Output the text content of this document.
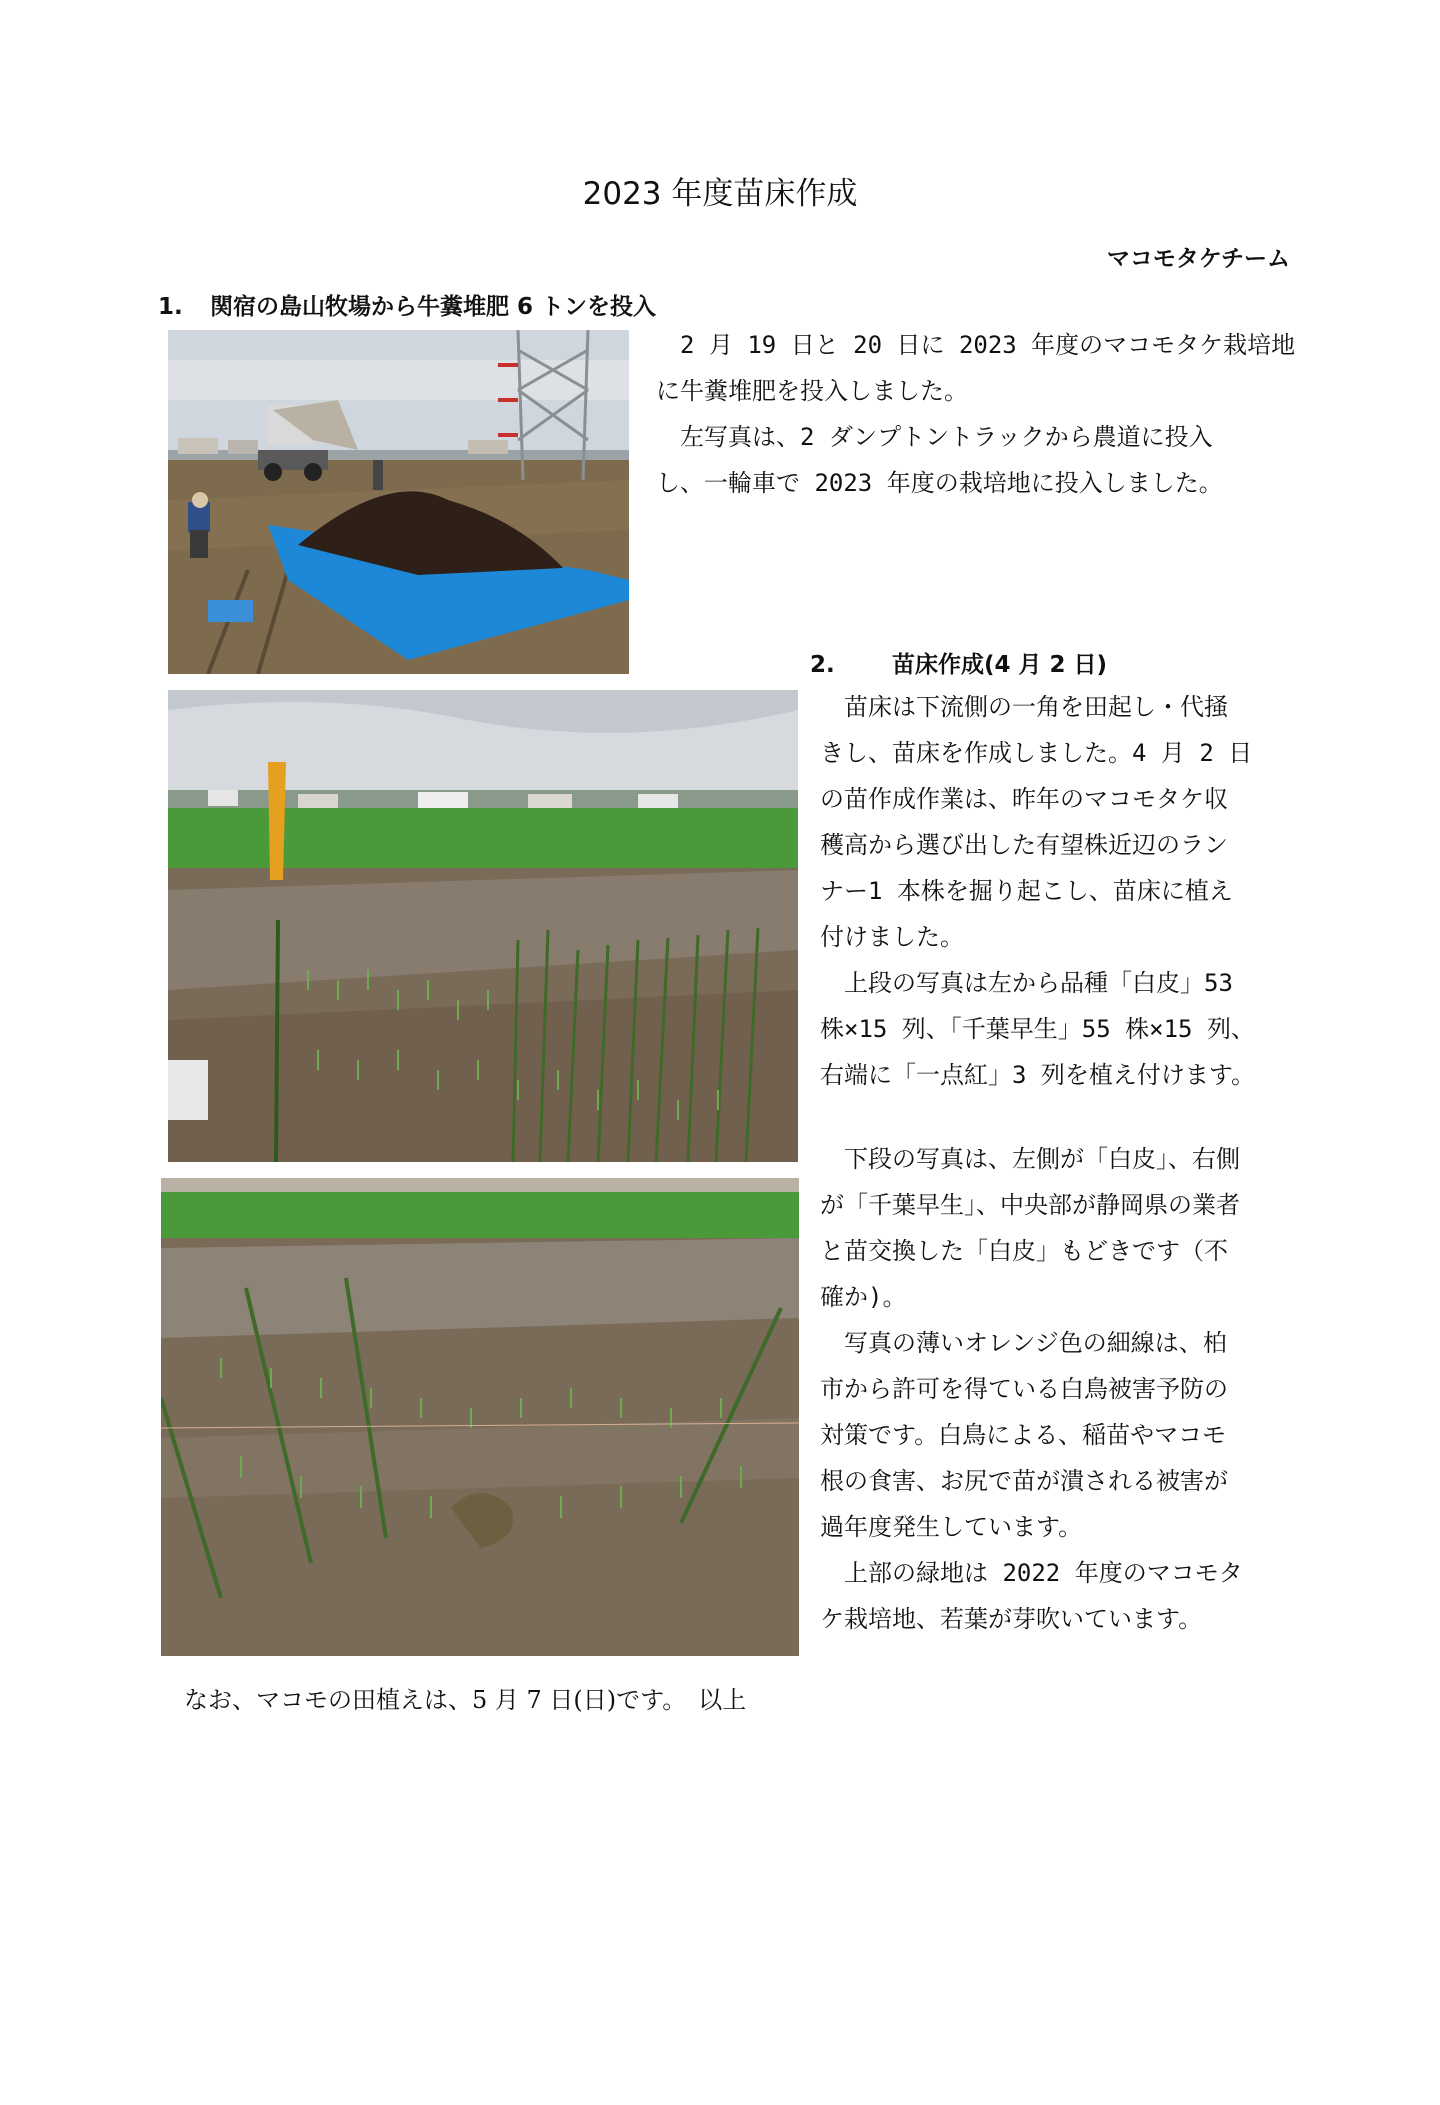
2023 年度苗床作成
マコモタケチーム
1. 関宿の島山牧場から牛糞堆肥 6 トンを投入
　2 月 19 日と 20 日に 2023 年度のマコモタケ栽培地
に牛糞堆肥を投入しました。
　左写真は、2 ダンプトントラックから農道に投入
し、一輪車で 2023 年度の栽培地に投入しました。
2. 苗床作成(4 月 2 日)
　苗床は下流側の一角を田起し・代掻
きし、苗床を作成しました。4 月 2 日
の苗作成作業は、昨年のマコモタケ収
穫高から選び出した有望株近辺のラン
ナー1 本株を掘り起こし、苗床に植え
付けました。
　上段の写真は左から品種「白皮」53
株×15 列、「千葉早生」55 株×15 列、
右端に「一点紅」3 列を植え付けます。
　下段の写真は、左側が「白皮」、右側
が「千葉早生」、中央部が静岡県の業者
と苗交換した「白皮」もどきです（不
確か)。
　写真の薄いオレンジ色の細線は、柏
市から許可を得ている白鳥被害予防の
対策です。白鳥による、稲苗やマコモ
根の食害、お尻で苗が潰される被害が
過年度発生しています。
　上部の緑地は 2022 年度のマコモタ
ケ栽培地、若葉が芽吹いています。
なお、マコモの田植えは、5 月 7 日(日)です。　以上
